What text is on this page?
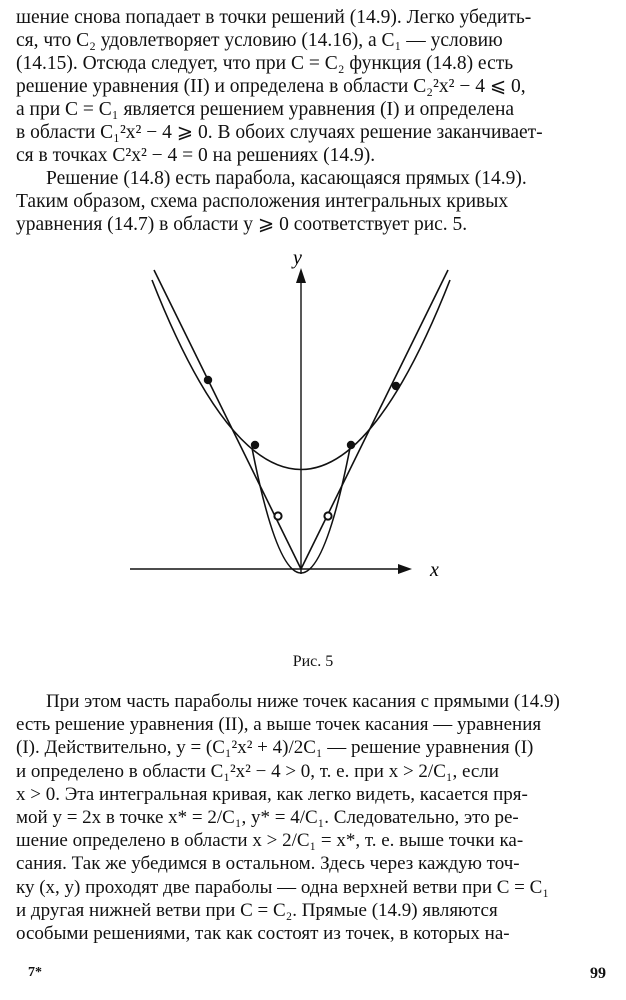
шение снова попадает в точки решений (14.9). Легко убедить-
ся, что C₂ удовлетворяет условию (14.16), а C₁ — условию
(14.15). Отсюда следует, что при C = C₂ функция (14.8) есть
решение уравнения (II) и определена в области C₂²x² − 4 ⩽ 0,
а при C = C₁ является решением уравнения (I) и определена
в области C₁²x² − 4 ⩾ 0. В обоих случаях решение заканчивает-
ся в точках C²x² − 4 = 0 на решениях (14.9).
Решение (14.8) есть парабола, касающаяся прямых (14.9).
Таким образом, схема расположения интегральных кривых
уравнения (14.7) в области y ⩾ 0 соответствует рис. 5.
y
x
Рис. 5
При этом часть параболы ниже точек касания с прямыми (14.9)
есть решение уравнения (II), а выше точек касания — уравнения
(I). Действительно, y = (C₁²x² + 4)/2C₁ — решение уравнения (I)
и определено в области C₁²x² − 4 > 0, т. е. при x > 2/C₁, если
x > 0. Эта интегральная кривая, как легко видеть, касается пря-
мой y = 2x в точке x* = 2/C₁, y* = 4/C₁. Следовательно, это ре-
шение определено в области x > 2/C₁ = x*, т. е. выше точки ка-
сания. Так же убедимся в остальном. Здесь через каждую точ-
ку (x, y) проходят две параболы — одна верхней ветви при C = C₁
и другая нижней ветви при C = C₂. Прямые (14.9) являются
особыми решениями, так как состоят из точек, в которых на-
7*	99
